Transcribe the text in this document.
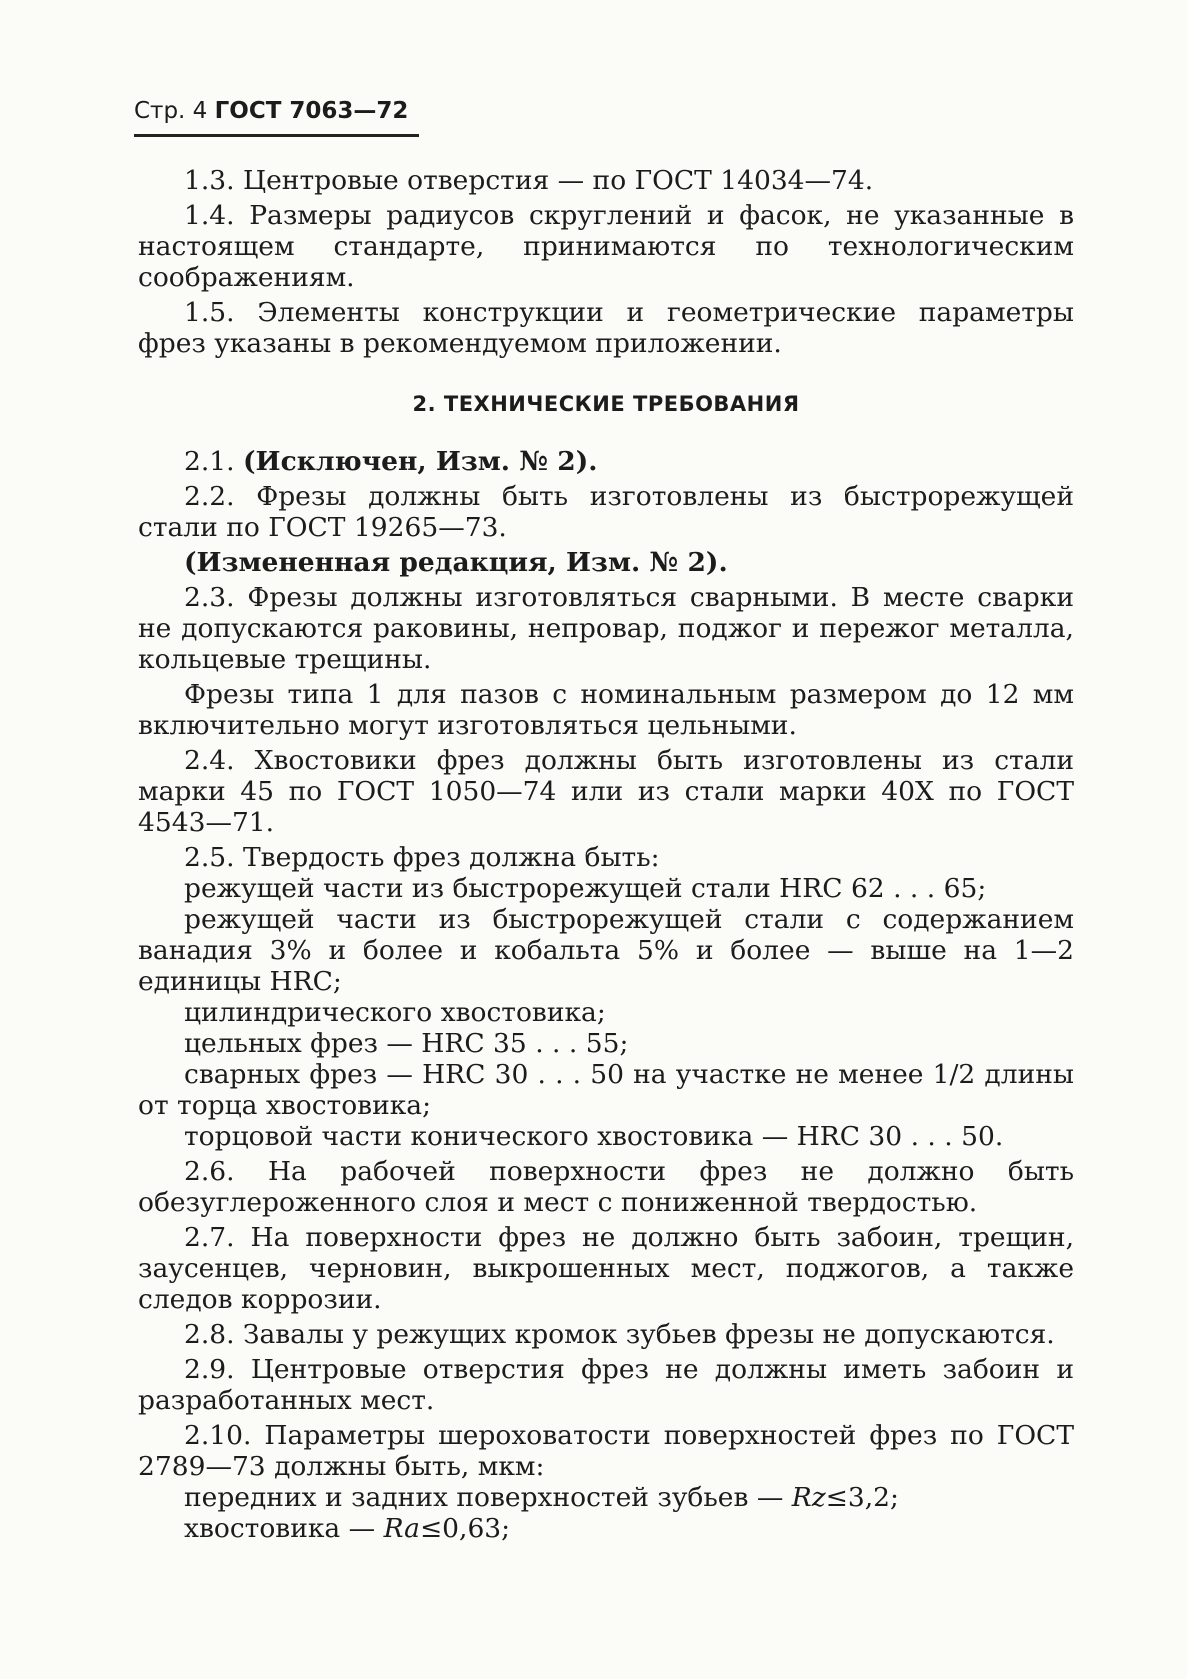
Стр. 4 ГОСТ 7063—72

1.3. Центровые отверстия — по ГОСТ 14034—74.

1.4. Размеры радиусов скруглений и фасок, не указанные в настоящем стандарте, принимаются по технологическим соображениям.

1.5. Элементы конструкции и геометрические параметры фрез указаны в рекомендуемом приложении.

2. ТЕХНИЧЕСКИЕ ТРЕБОВАНИЯ

2.1. (Исключен, Изм. № 2).

2.2. Фрезы должны быть изготовлены из быстрорежущей стали по ГОСТ 19265—73.

(Измененная редакция, Изм. № 2).

2.3. Фрезы должны изготовляться сварными. В месте сварки не допускаются раковины, непровар, поджог и пережог металла, кольцевые трещины.

Фрезы типа 1 для пазов с номинальным размером до 12 мм включительно могут изготовляться цельными.

2.4. Хвостовики фрез должны быть изготовлены из стали марки 45 по ГОСТ 1050—74 или из стали марки 40Х по ГОСТ 4543—71.

2.5. Твердость фрез должна быть:

режущей части из быстрорежущей стали HRC 62 . . . 65;

режущей части из быстрорежущей стали с содержанием ванадия 3% и более и кобальта 5% и более — выше на 1—2 единицы HRC;

цилиндрического хвостовика;

цельных фрез — HRC 35 . . . 55;

сварных фрез — HRC 30 . . . 50 на участке не менее 1/2 длины от торца хвостовика;

торцовой части конического хвостовика — HRC 30 . . . 50.

2.6. На рабочей поверхности фрез не должно быть обезуглероженного слоя и мест с пониженной твердостью.

2.7. На поверхности фрез не должно быть забоин, трещин, заусенцев, черновин, выкрошенных мест, поджогов, а также следов коррозии.

2.8. Завалы у режущих кромок зубьев фрезы не допускаются.

2.9. Центровые отверстия фрез не должны иметь забоин и разработанных мест.

2.10. Параметры шероховатости поверхностей фрез по ГОСТ 2789—73 должны быть, мкм:

передних и задних поверхностей зубьев — Rz≤3,2;

хвостовика — Ra≤0,63;
